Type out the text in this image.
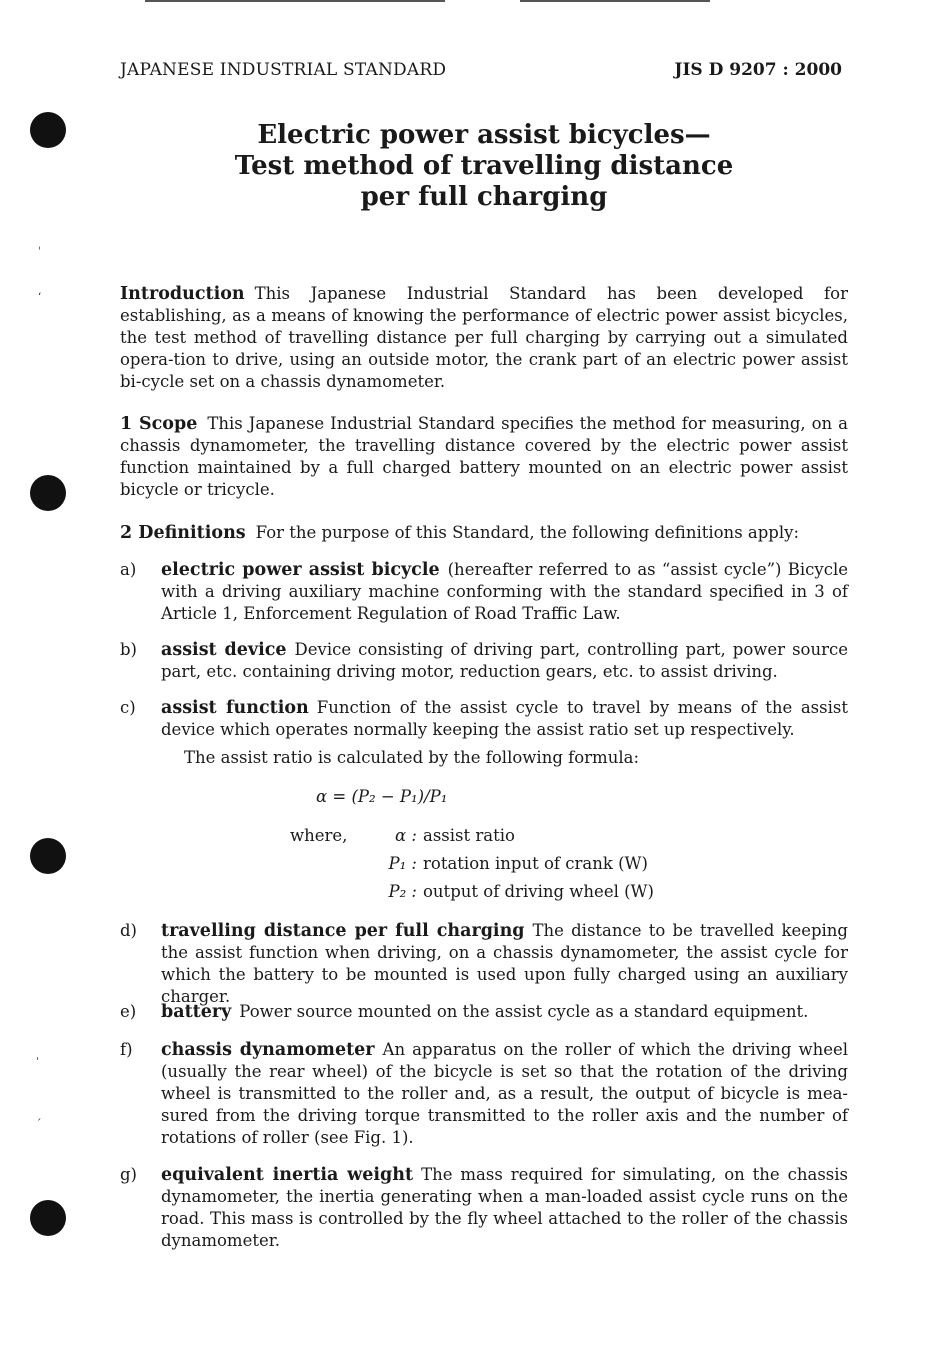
ˌ
ʻ
ˈ
ˏ
JAPANESE INDUSTRIAL STANDARD	JIS D 9207 : 2000
Electric power assist bicycles—
Test method of travelling distance
per full charging
Introduction This Japanese Industrial Standard has been developed for establishing, as a means of knowing the performance of electric power assist bicycles, the test method of travelling distance per full charging by carrying out a simulated opera-tion to drive, using an outside motor, the crank part of an electric power assist bi-cycle set on a chassis dynamometer.
1 Scope This Japanese Industrial Standard specifies the method for measuring, on a chassis dynamometer, the travelling distance covered by the electric power assist function maintained by a full charged battery mounted on an electric power assist bicycle or tricycle.
2 Definitions For the purpose of this Standard, the following definitions apply:
a)	electric power assist bicycle (hereafter referred to as “assist cycle”) Bicycle with a driving auxiliary machine conforming with the standard specified in 3 of Article 1, Enforcement Regulation of Road Traffic Law.
b)	assist device Device consisting of driving part, controlling part, power source part, etc. containing driving motor, reduction gears, etc. to assist driving.
c)	assist function Function of the assist cycle to travel by means of the assist device which operates normally keeping the assist ratio set up respectively.
The assist ratio is calculated by the following formula:
α = (P₂ − P₁)/P₁
where,	α : assist ratio
P₁ : rotation input of crank (W)
P₂ : output of driving wheel (W)
d)	travelling distance per full charging The distance to be travelled keeping the assist function when driving, on a chassis dynamometer, the assist cycle for which the battery to be mounted is used upon fully charged using an auxiliary charger.
e)	battery Power source mounted on the assist cycle as a standard equipment.
f)	chassis dynamometer An apparatus on the roller of which the driving wheel (usually the rear wheel) of the bicycle is set so that the rotation of the driving wheel is transmitted to the roller and, as a result, the output of bicycle is mea-sured from the driving torque transmitted to the roller axis and the number of rotations of roller (see Fig. 1).
g)	equivalent inertia weight The mass required for simulating, on the chassis dynamometer, the inertia generating when a man-loaded assist cycle runs on the road. This mass is controlled by the fly wheel attached to the roller of the chassis dynamometer.
